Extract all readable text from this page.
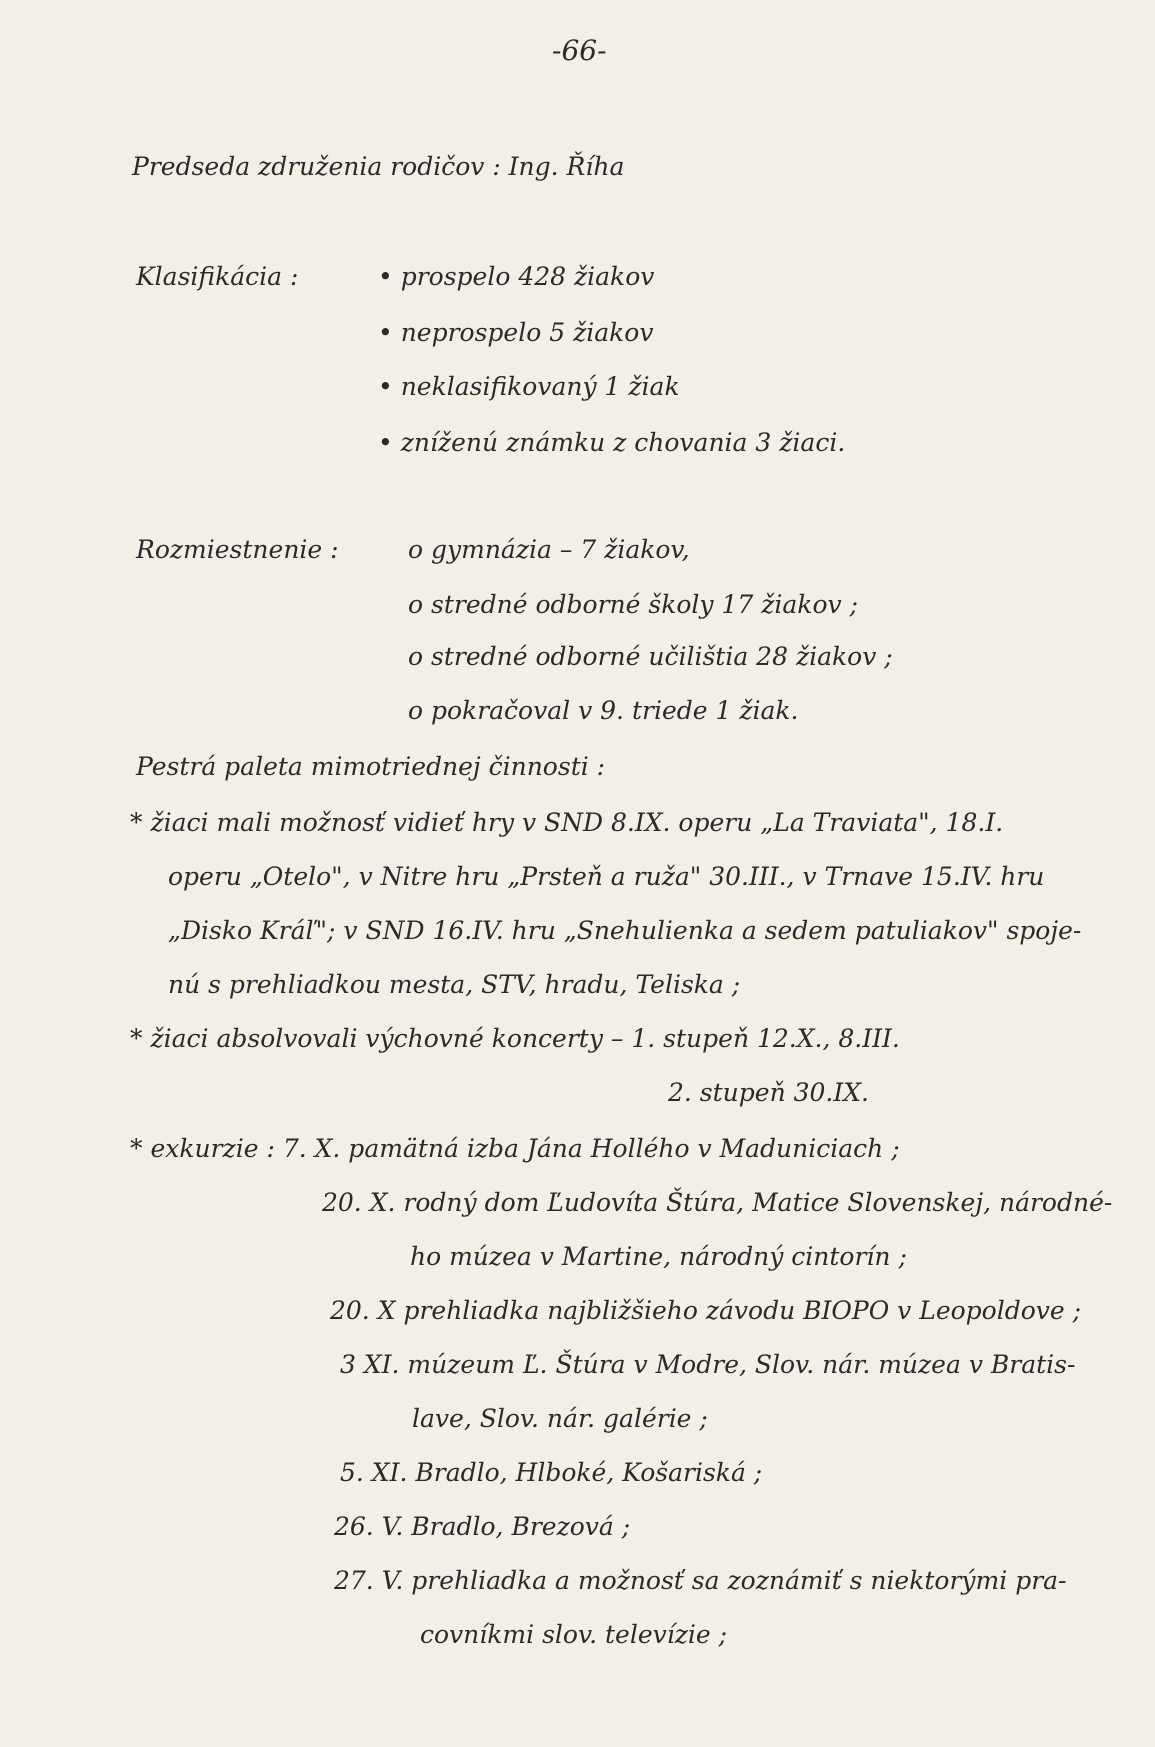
-66-
Predseda združenia rodičov : Ing. Říha
Klasifikácia :	• prospelo 428 žiakov
• neprospelo 5 žiakov
• neklasifikovaný 1 žiak
• zníženú známku z chovania 3 žiaci.
Rozmiestnenie :	o gymnázia – 7 žiakov,
o stredné odborné školy 17 žiakov ;
o stredné odborné učilištia 28 žiakov ;
o pokračoval v 9. triede 1 žiak.
Pestrá paleta mimotriednej činnosti :
* žiaci mali možnosť vidieť hry v SND 8.IX. operu „La Traviata", 18.I.
operu „Otelo", v Nitre hru „Prsteň a ruža" 30.III., v Trnave 15.IV. hru
„Disko Kráľ"; v SND 16.IV. hru „Snehulienka a sedem patuliakov" spoje-
nú s prehliadkou mesta, STV, hradu, Teliska ;
* žiaci absolvovali výchovné koncerty – 1. stupeň 12.X., 8.III.
2. stupeň 30.IX.
* exkurzie : 7. X. pamätná izba Jána Hollého v Maduniciach ;
20. X. rodný dom Ľudovíta Štúra, Matice Slovenskej, národné-
ho múzea v Martine, národný cintorín ;
20. X prehliadka najbližšieho závodu BIOPO v Leopoldove ;
3 XI. múzeum Ľ. Štúra v Modre, Slov. nár. múzea v Bratis-
lave, Slov. nár. galérie ;
5. XI. Bradlo, Hlboké, Košariská ;
26. V. Bradlo, Brezová ;
27. V. prehliadka a možnosť sa zoznámiť s niektorými pra-
covníkmi slov. televízie ;
